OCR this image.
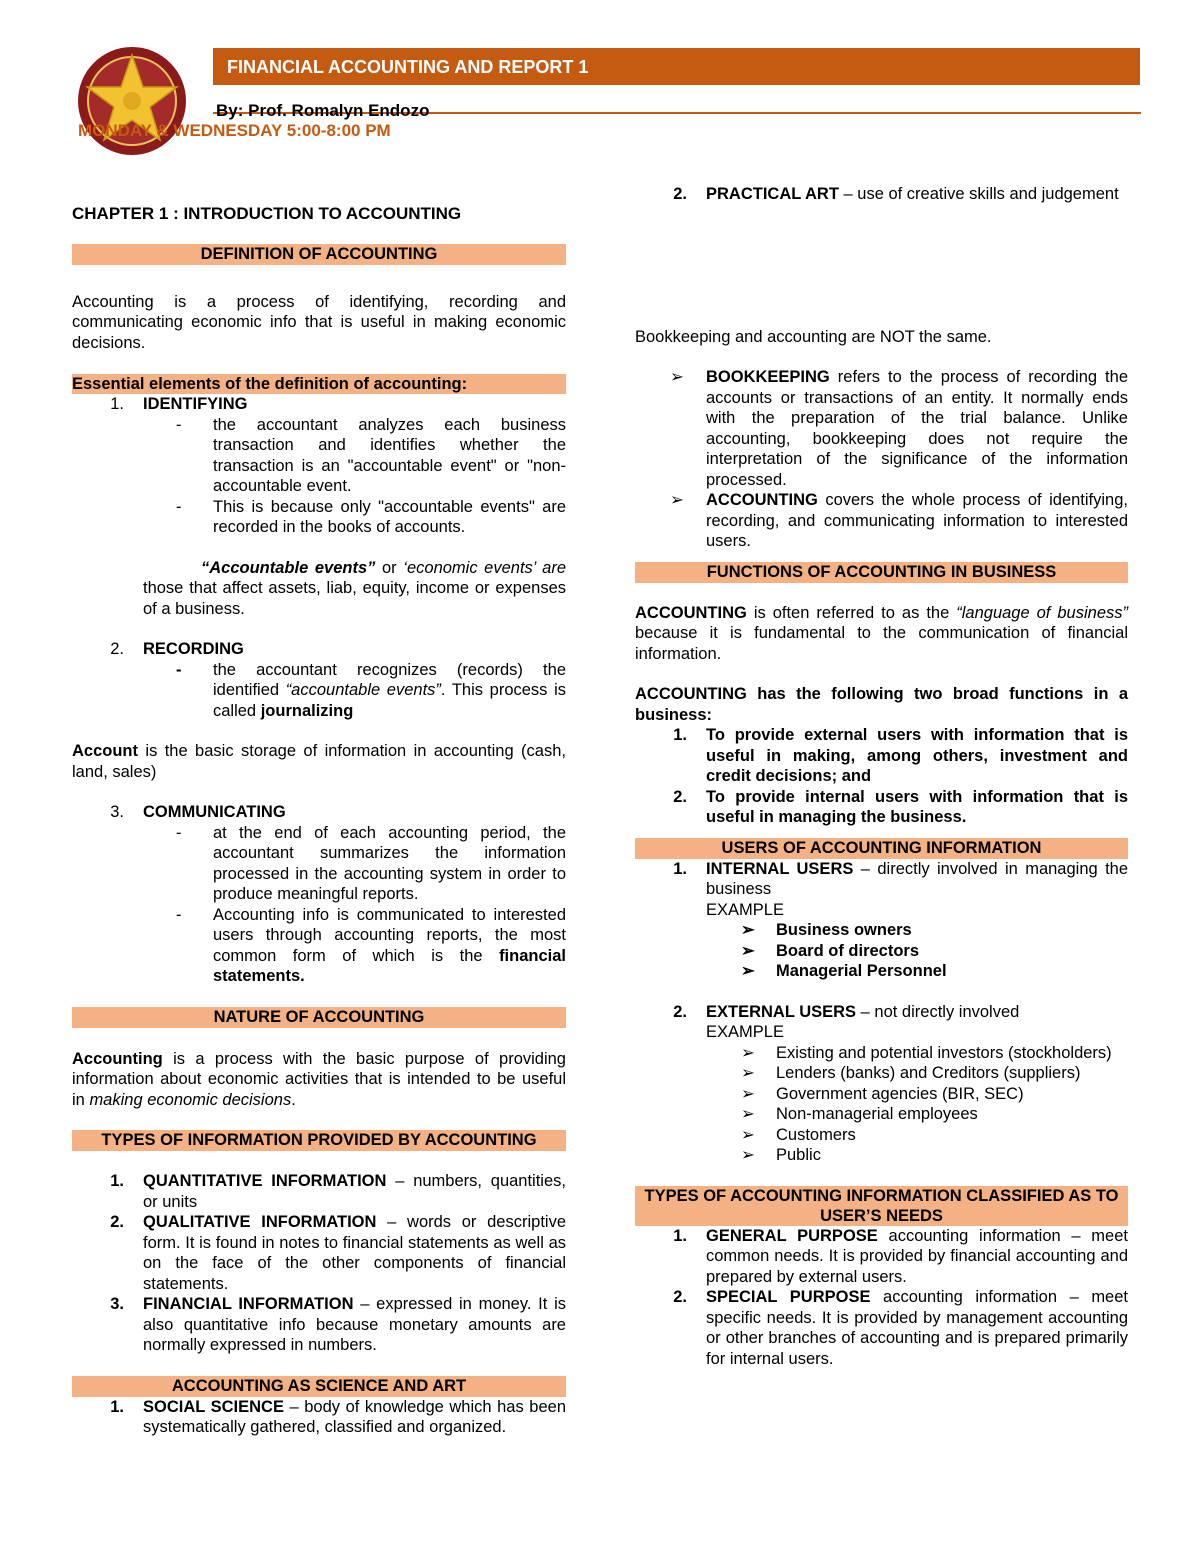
FINANCIAL ACCOUNTING AND REPORT 1
By: Prof. Romalyn Endozo
MONDAY & WEDNESDAY 5:00-8:00 PM
CHAPTER 1 : INTRODUCTION TO ACCOUNTING
DEFINITION OF ACCOUNTING
Accounting is a process of identifying, recording and communicating economic info that is useful in making economic decisions.
Essential elements of the definition of accounting:
1. IDENTIFYING
- the accountant analyzes each business transaction and identifies whether the transaction is an "accountable event" or "non- accountable event.
- This is because only "accountable events" are recorded in the books of accounts.
“Accountable events” or ‘economic events’ are those that affect assets, liab, equity, income or expenses of a business.
2. RECORDING
- the accountant recognizes (records) the identified “accountable events”. This process is called journalizing
Account is the basic storage of information in accounting (cash, land, sales)
3. COMMUNICATING
- at the end of each accounting period, the accountant summarizes the information processed in the accounting system in order to produce meaningful reports.
- Accounting info is communicated to interested users through accounting reports, the most common form of which is the financial statements.
NATURE OF ACCOUNTING
Accounting is a process with the basic purpose of providing information about economic activities that is intended to be useful in making economic decisions.
TYPES OF INFORMATION PROVIDED BY ACCOUNTING
1. QUANTITATIVE INFORMATION – numbers, quantities, or units
2. QUALITATIVE INFORMATION – words or descriptive form. It is found in notes to financial statements as well as on the face of the other components of financial statements.
3. FINANCIAL INFORMATION – expressed in money. It is also quantitative info because monetary amounts are normally expressed in numbers.
ACCOUNTING AS SCIENCE AND ART
1. SOCIAL SCIENCE – body of knowledge which has been systematically gathered, classified and organized.
2. PRACTICAL ART – use of creative skills and judgement
Bookkeeping and accounting are NOT the same.
➢ BOOKKEEPING refers to the process of recording the accounts or transactions of an entity. It normally ends with the preparation of the trial balance. Unlike accounting, bookkeeping does not require the interpretation of the significance of the information processed.
➢ ACCOUNTING covers the whole process of identifying, recording, and communicating information to interested users.
FUNCTIONS OF ACCOUNTING IN BUSINESS
ACCOUNTING is often referred to as the “language of business” because it is fundamental to the communication of financial information.
ACCOUNTING has the following two broad functions in a business:
1. To provide external users with information that is useful in making, among others, investment and credit decisions; and
2. To provide internal users with information that is useful in managing the business.
USERS OF ACCOUNTING INFORMATION
1. INTERNAL USERS – directly involved in managing the business
EXAMPLE
➢ Business owners
➢ Board of directors
➢ Managerial Personnel
2. EXTERNAL USERS – not directly involved
EXAMPLE
➢ Existing and potential investors (stockholders)
➢ Lenders (banks) and Creditors (suppliers)
➢ Government agencies (BIR, SEC)
➢ Non-managerial employees
➢ Customers
➢ Public
TYPES OF ACCOUNTING INFORMATION CLASSIFIED AS TO USER’S NEEDS
1. GENERAL PURPOSE accounting information – meet common needs. It is provided by financial accounting and prepared by external users.
2. SPECIAL PURPOSE accounting information – meet specific needs. It is provided by management accounting or other branches of accounting and is prepared primarily for internal users.
